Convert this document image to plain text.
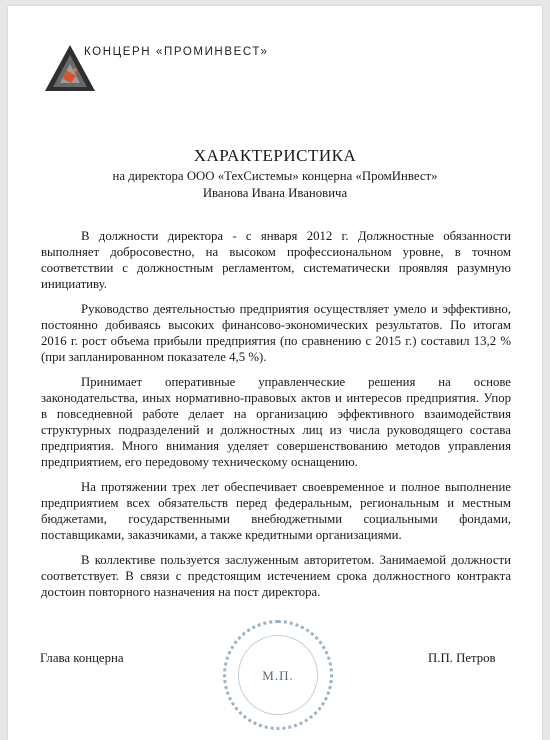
КОНЦЕРН «ПРОМИНВЕСТ»
ХАРАКТЕРИСТИКА
на директора ООО «ТехСистемы» концерна «ПромИнвест»
Иванова Ивана Ивановича

В должности директора - с января 2012 г. Должностные обязанности выполняет добросовестно, на высоком профессиональном уровне, в точном соответствии с должностным регламентом, систематически проявляя разумную инициативу.

Руководство деятельностью предприятия осуществляет умело и эффективно, постоянно добиваясь высоких финансово-экономических результатов. По итогам 2016 г. рост объема прибыли предприятия (по сравнению с 2015 г.) составил 13,2 % (при запланированном показателе 4,5 %).

Принимает оперативные управленческие решения на основе законодательства, иных нормативно-правовых актов и интересов предприятия. Упор в повседневной работе делает на организацию эффективного взаимодействия структурных подразделений и должностных лиц из числа руководящего состава предприятия. Много внимания уделяет совершенствованию методов управления предприятием, его передовому техническому оснащению.

На протяжении трех лет обеспечивает своевременное и полное выполнение предприятием всех обязательств перед федеральным, региональным и местным бюджетами, государственными внебюджетными социальными фондами, поставщиками, заказчиками, а также кредитными организациями.

В коллективе пользуется заслуженным авторитетом. Занимаемой должности соответствует. В связи с предстоящим истечением срока должностного контракта достоин повторного назначения на пост директора.

Глава концерна
М.П.
П.П. Петров
